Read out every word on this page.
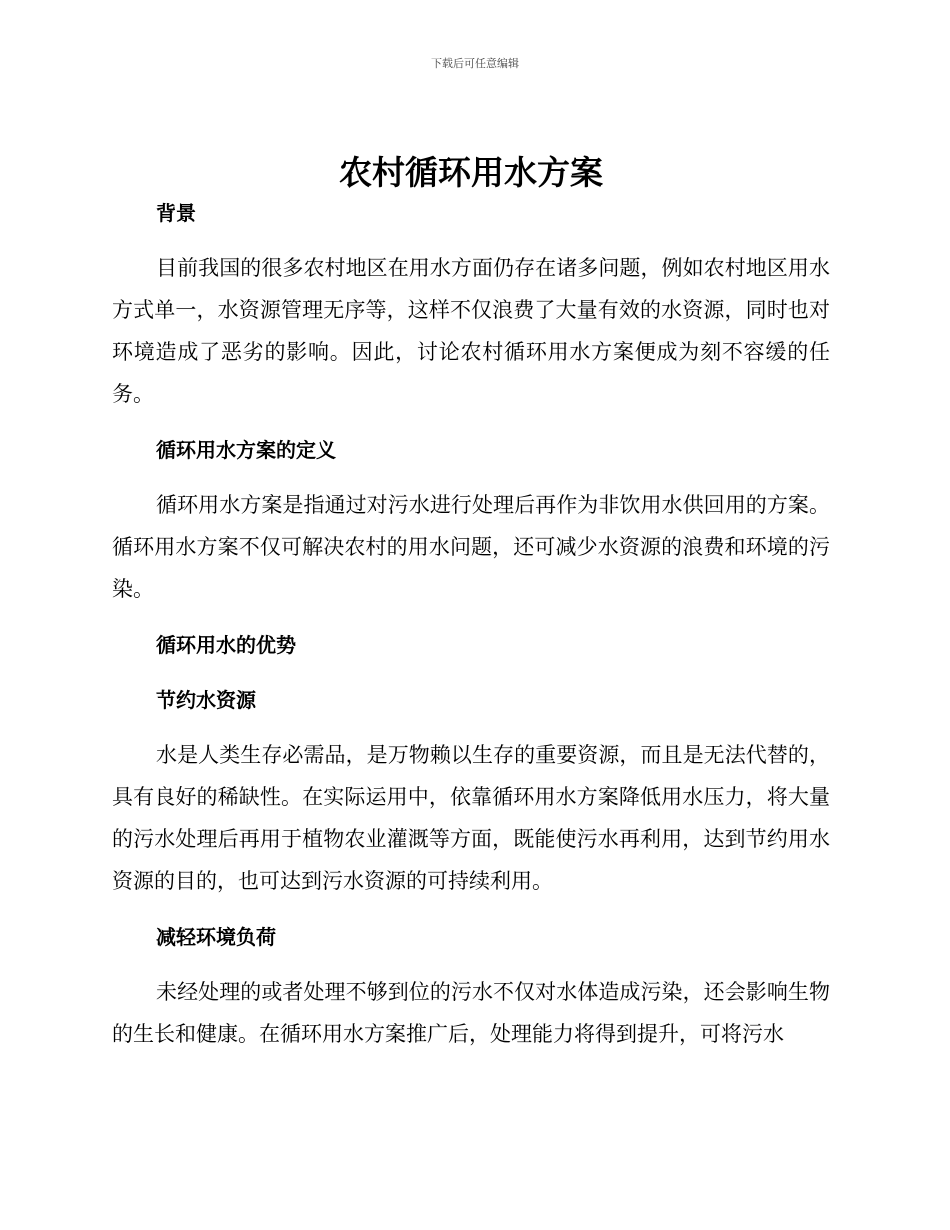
下载后可任意编辑
农村循环用水方案
背景

目前我国的很多农村地区在用水方面仍存在诸多问题，例如农村地区用水方式单一，水资源管理无序等，这样不仅浪费了大量有效的水资源，同时也对环境造成了恶劣的影响。因此，讨论农村循环用水方案便成为刻不容缓的任务。

循环用水方案的定义

循环用水方案是指通过对污水进行处理后再作为非饮用水供回用的方案。循环用水方案不仅可解决农村的用水问题，还可减少水资源的浪费和环境的污染。

循环用水的优势
节约水资源

水是人类生存必需品，是万物赖以生存的重要资源，而且是无法代替的，具有良好的稀缺性。在实际运用中，依靠循环用水方案降低用水压力，将大量的污水处理后再用于植物农业灌溉等方面，既能使污水再利用，达到节约用水资源的目的，也可达到污水资源的可持续利用。

减轻环境负荷

未经处理的或者处理不够到位的污水不仅对水体造成污染，还会影响生物的生长和健康。在循环用水方案推广后，处理能力将得到提升，可将污水
